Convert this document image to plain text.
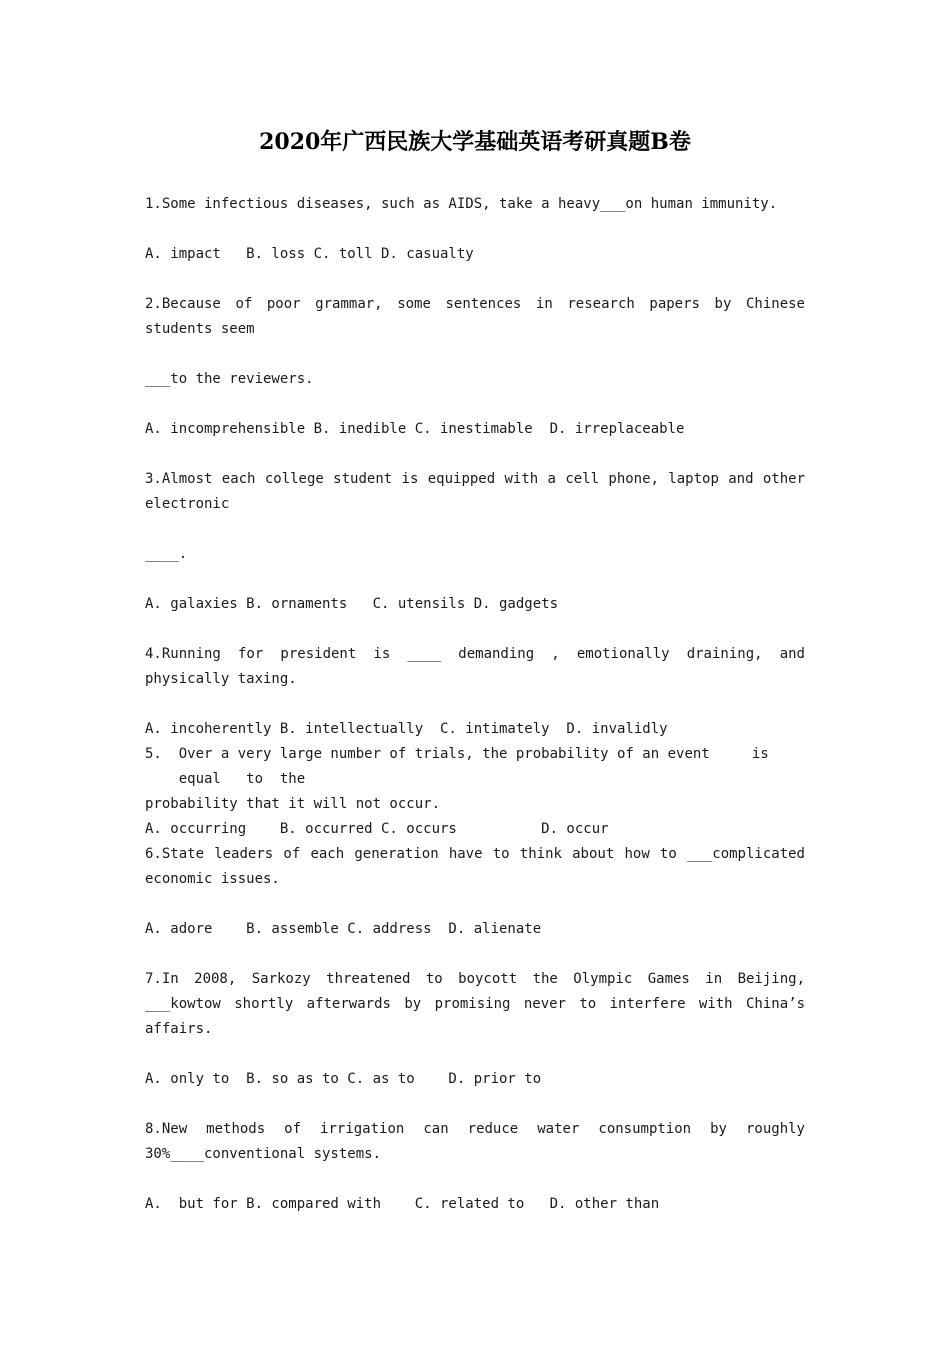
2020年广西民族大学基础英语考研真题B卷
1.Some infectious diseases, such as AIDS, take a heavy___on human immunity.
A. impact   B. loss C. toll D. casualty
2.Because of poor grammar, some sentences in research papers by Chinese
students seem
___to the reviewers.
A. incomprehensible B. inedible C. inestimable  D. irreplaceable
3.Almost each college student is equipped with a cell phone, laptop and other
electronic
____.
A. galaxies B. ornaments   C. utensils D. gadgets
4.Running for president is ____ demanding , emotionally draining, and
physically taxing.
A. incoherently B. intellectually  C. intimately  D. invalidly
5.  Over a very large number of trials, the probability of an event     is
equal   to  the
probability that it will not occur.
A. occurring    B. occurred C. occurs          D. occur
6.State leaders of each generation have to think about how to ___complicated
economic issues.
A. adore    B. assemble C. address  D. alienate
7.In 2008, Sarkozy threatened to boycott the Olympic Games in Beijing,
___kowtow shortly afterwards by promising never to interfere with China’s
affairs.
A. only to  B. so as to C. as to    D. prior to
8.New methods of irrigation can reduce water consumption by roughly
30%____conventional systems.
A.  but for B. compared with    C. related to   D. other than
